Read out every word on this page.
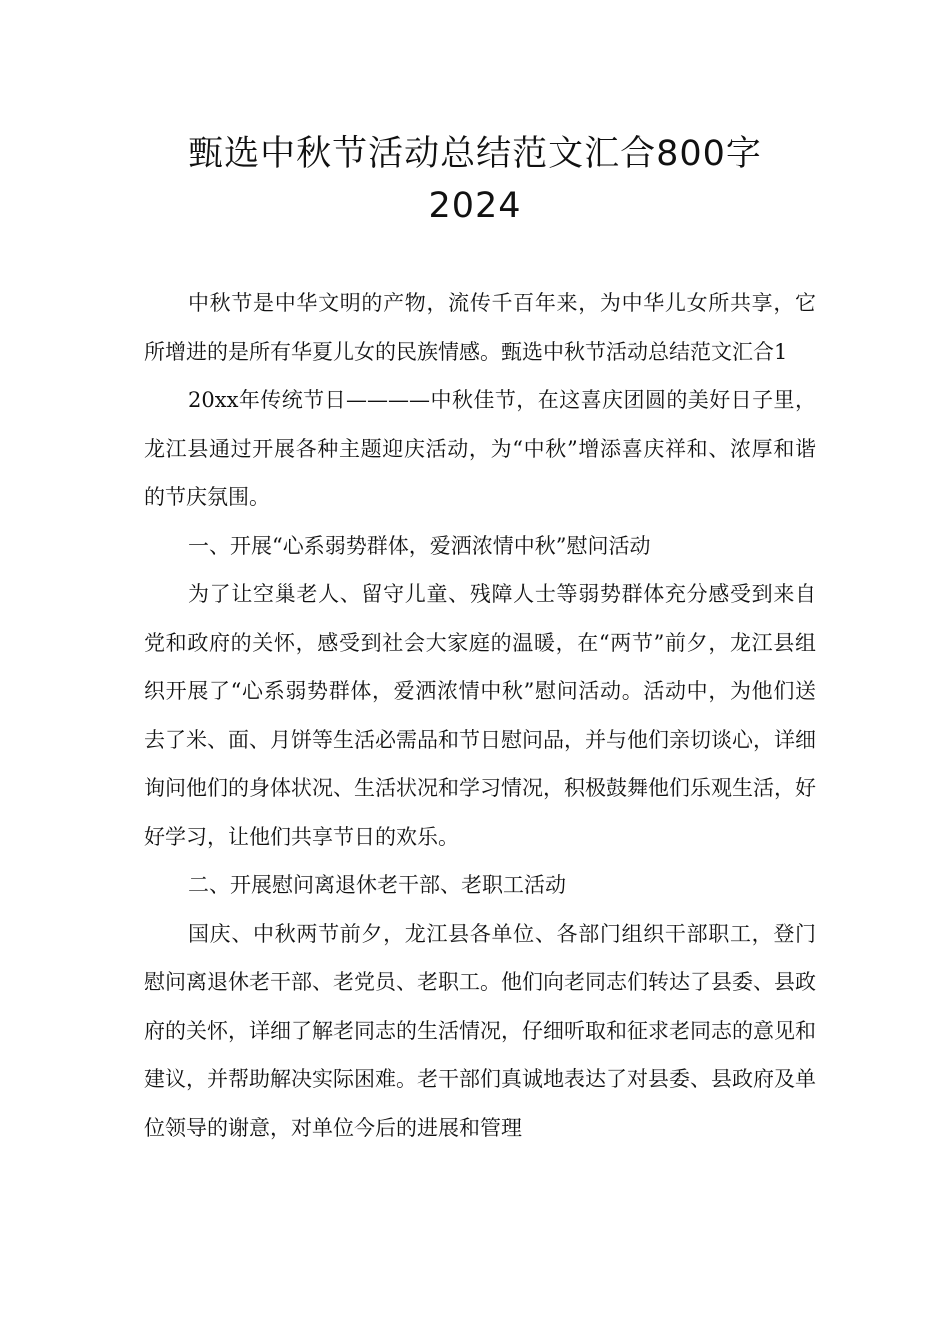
甄选中秋节活动总结范文汇合800字
2024

中秋节是中华文明的产物，流传千百年来，为中华儿女所共享，它所增进的是所有华夏儿女的民族情感。甄选中秋节活动总结范文汇合1

20xx年传统节日————中秋佳节，在这喜庆团圆的美好日子里，龙江县通过开展各种主题迎庆活动，为“中秋”增添喜庆祥和、浓厚和谐的节庆氛围。

一、开展“心系弱势群体，爱洒浓情中秋”慰问活动

为了让空巢老人、留守儿童、残障人士等弱势群体充分感受到来自党和政府的关怀，感受到社会大家庭的温暖，在“两节”前夕，龙江县组织开展了“心系弱势群体，爱洒浓情中秋”慰问活动。活动中，为他们送去了米、面、月饼等生活必需品和节日慰问品，并与他们亲切谈心，详细询问他们的身体状况、生活状况和学习情况，积极鼓舞他们乐观生活，好好学习，让他们共享节日的欢乐。

二、开展慰问离退休老干部、老职工活动

国庆、中秋两节前夕，龙江县各单位、各部门组织干部职工，登门慰问离退休老干部、老党员、老职工。他们向老同志们转达了县委、县政府的关怀，详细了解老同志的生活情况，仔细听取和征求老同志的意见和建议，并帮助解决实际困难。老干部们真诚地表达了对县委、县政府及单位领导的谢意，对单位今后的进展和管理
